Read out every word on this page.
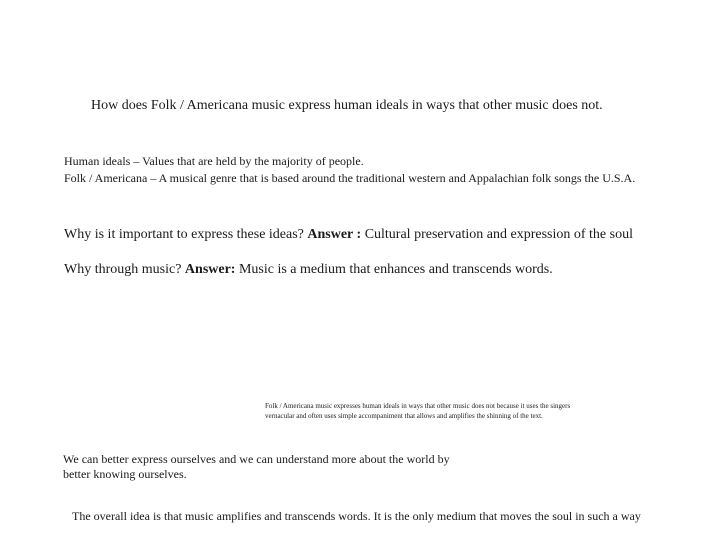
How does Folk / Americana music express human ideals in ways that other music does not.
Human ideals – Values that are held by the majority of people.
Folk / Americana – A musical genre that is based around the traditional western and Appalachian folk songs the U.S.A.
Why is it important to express these ideas? Answer : Cultural preservation and expression of the soul
Why through music? Answer: Music is a medium that enhances and transcends words.
Folk / Americana music expresses human ideals in ways that other music does not because it uses the singers
vernacular and often uses simple accompaniment that allows and amplifies the shinning of the text.
We can better express ourselves and we can understand more about the world by
better knowing ourselves.
The overall idea is that music amplifies and transcends words. It is the only medium that moves the soul in such a way
